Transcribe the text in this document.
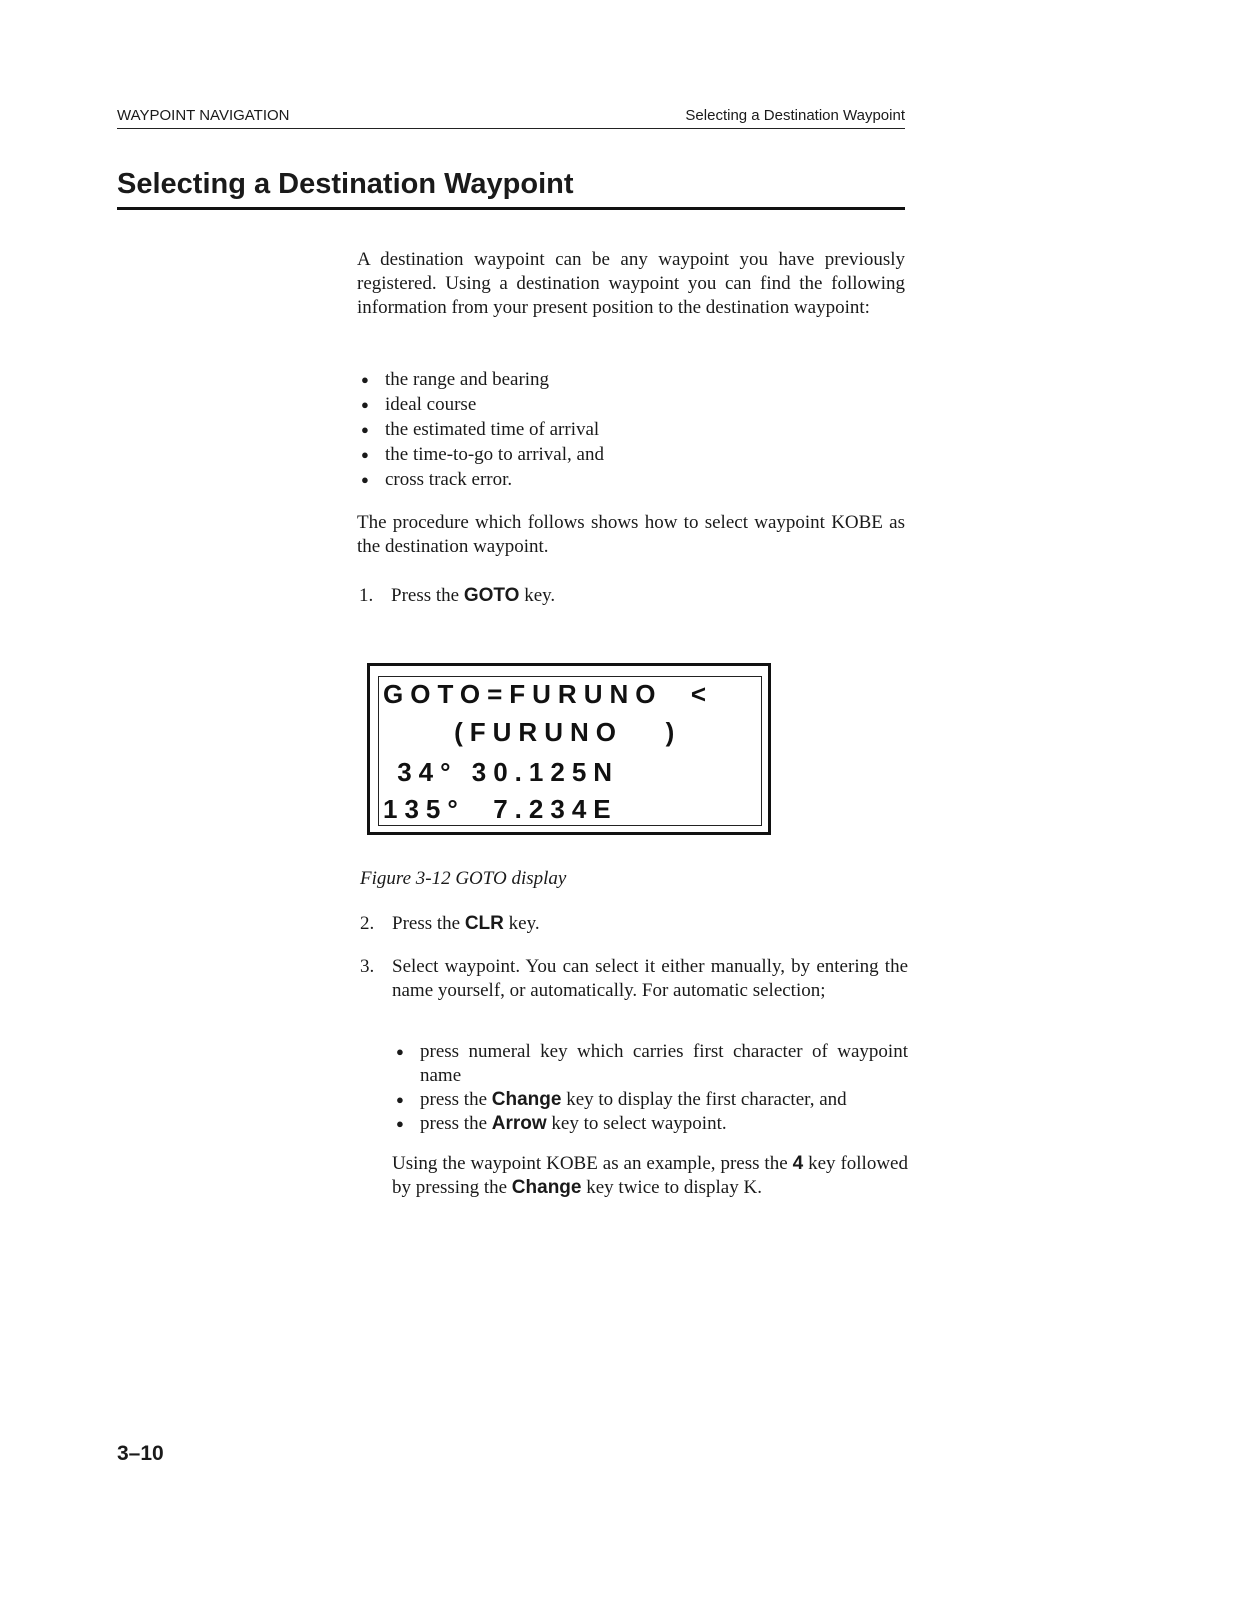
WAYPOINT NAVIGATION	Selecting a Destination Waypoint
Selecting a Destination Waypoint
A destination waypoint can be any waypoint you have previously registered. Using a destination waypoint you can find the following information from your present position to the destination waypoint:
● the range and bearing
● ideal course
● the estimated time of arrival
● the time-to-go to arrival, and
● cross track error.
The procedure which follows shows how to select waypoint KOBE as the destination waypoint.
1. Press the GOTO key.
GOTO=FURUNO  <
(FURUNO   )
34° 30.125N
135°  7.234E
Figure 3-12 GOTO display
2. Press the CLR key.
3. Select waypoint. You can select it either manually, by entering the name yourself, or automatically. For automatic selection;
● press numeral key which carries first character of waypoint name
● press the Change key to display the first character, and
● press the Arrow key to select waypoint.
Using the waypoint KOBE as an example, press the 4 key followed by pressing the Change key twice to display K.
3–10
